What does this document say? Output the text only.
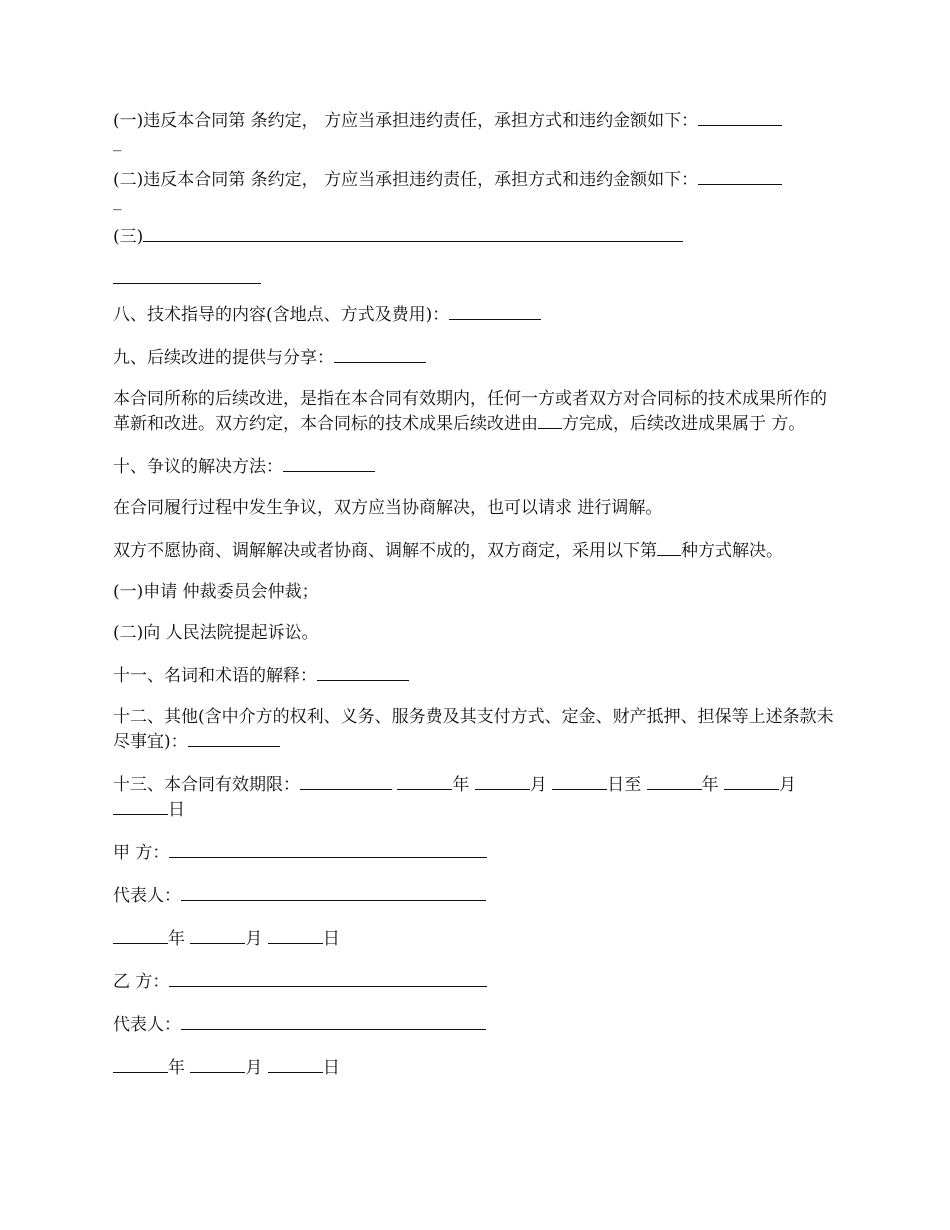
(一)违反本合同第 条约定， 方应当承担违约责任，承担方式和违约金额如下：

_

(二)违反本合同第 条约定， 方应当承担违约责任，承担方式和违约金额如下：

_

(三)

八、技术指导的内容(含地点、方式及费用)：

九、后续改进的提供与分享：

本合同所称的后续改进，是指在本合同有效期内，任何一方或者双方对合同标的技术成果所作的革新和改进。双方约定，本合同标的技术成果后续改进由 方完成，后续改进成果属于 方。

十、争议的解决方法：

在合同履行过程中发生争议，双方应当协商解决，也可以请求 进行调解。

双方不愿协商、调解解决或者协商、调解不成的，双方商定，采用以下第 种方式解决。

(一)申请 仲裁委员会仲裁；

(二)向 人民法院提起诉讼。

十一、名词和术语的解释：

十二、其他(含中介方的权利、义务、服务费及其支付方式、定金、财产抵押、担保等上述条款未尽事宜)：

十三、本合同有效期限：	年	月	日至	年	月 日

甲 方：

代表人：

年	月	日

乙 方：

代表人：

年	月	日
